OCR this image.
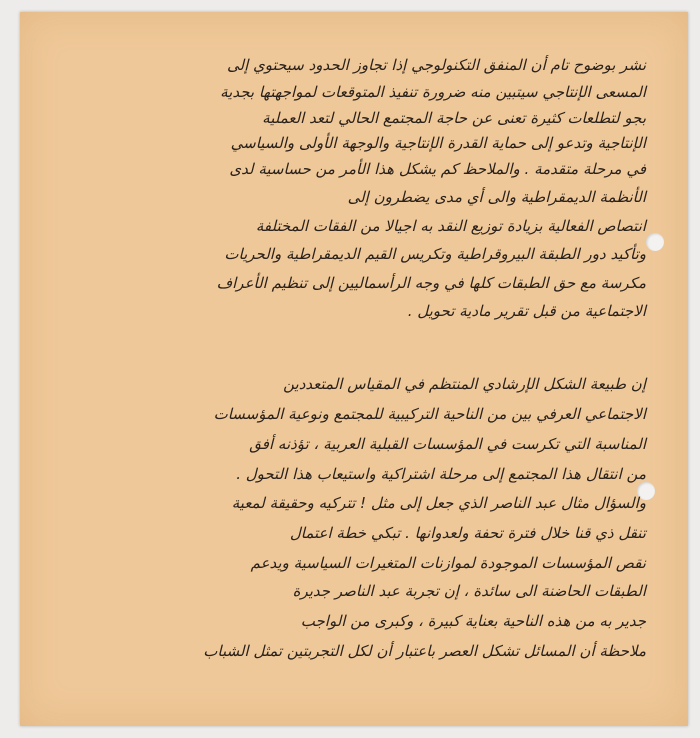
نشر بوضوح تام أن المنفق التكنولوجي إذا تجاوز الحدود سيحتوي إلى
المسعى الإنتاجي سيتبين منه ضرورة تنفيذ المتوقعات لمواجهتها بجدية
بجو لتطلعات كثيرة تعنى عن حاجة المجتمع الحالي لتعد العملية
الإنتاجية وتدعو إلى حماية القدرة الإنتاجية والوجهة الأولى والسياسي
في مرحلة متقدمة . والملاحظ كم يشكل هذا الأمر من حساسية لدى
الأنظمة الديمقراطية والى أي مدى يضطرون إلى
انتصاص الفعالية بزيادة توزيع النقد به اجيالا من الفقات المختلفة
وتأكيد دور الطبقة البيروقراطية وتكريس القيم الديمقراطية والحريات
مكرسة مع حق الطبقات كلها في وجه الرأسماليين إلى تنظيم الأعراف
الاجتماعية من قبل تقرير مادية تحويل .
إن طبيعة الشكل الإرشادي المنتظم في المقياس المتعددين
الاجتماعي العرفي بين من الناحية التركيبية للمجتمع ونوعية المؤسسات
المناسبة التي تكرست في المؤسسات القبلية العربية ، تؤذنه أفق
من انتقال هذا المجتمع إلى مرحلة اشتراكية واستيعاب هذا التحول .
والسؤال مثال عبد الناصر الذي جعل إلى مثل ! تتركيه وحقيقة لمعية
تنقل ذي قنا خلال فترة تحفة ولعدوانها . تبكي خطة اعتمال
نقص المؤسسات الموجودة لموازنات المتغيرات السياسية ويدعم
الطبقات الحاضنة الى سائدة ، إن تجربة عبد الناصر جديرة
جدير به من هذه الناحية بعناية كبيرة ، وكبرى من الواجب
ملاحظة أن المسائل تشكل العصر باعتبار أن لكل التجربتين تمثل الشباب
